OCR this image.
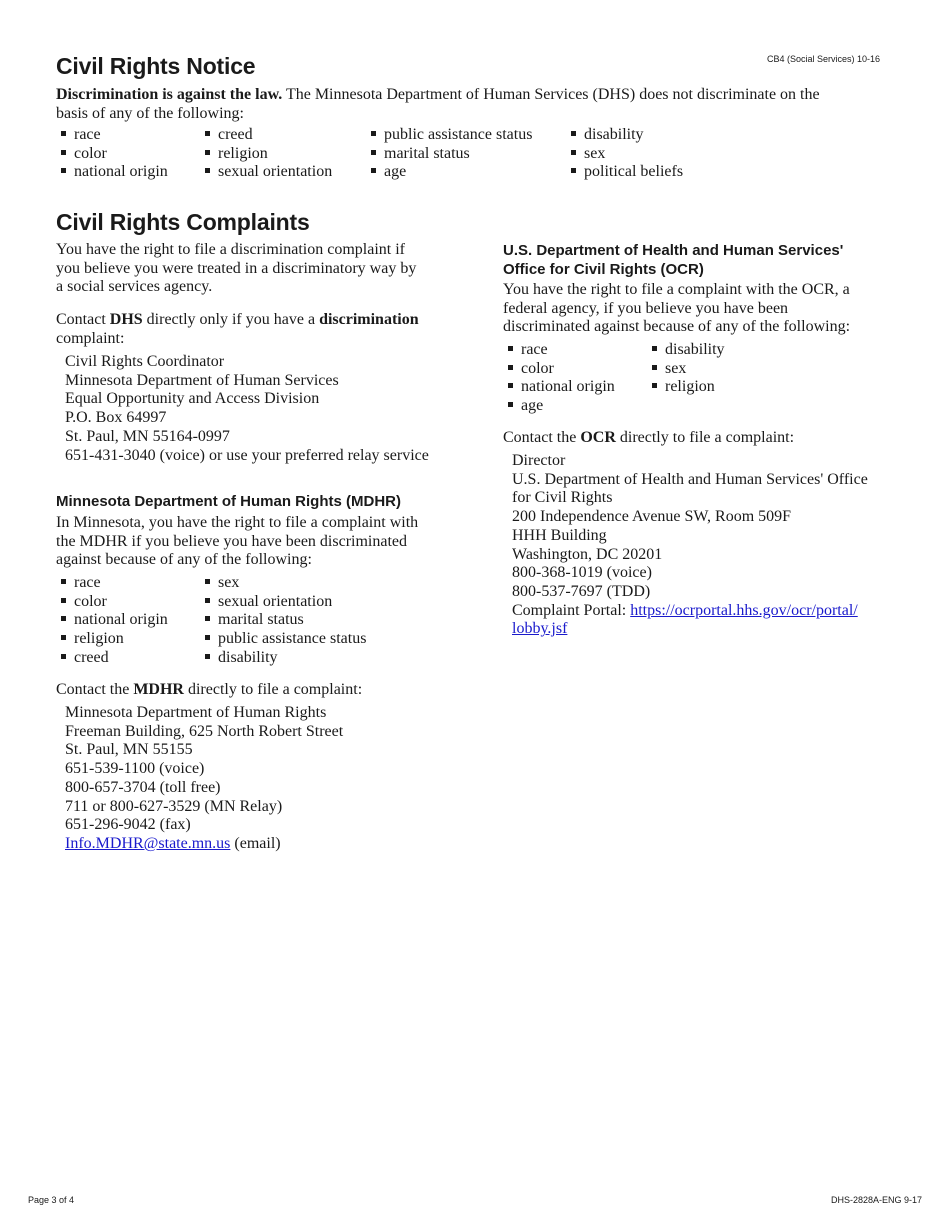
CB4 (Social Services) 10-16
Civil Rights Notice
Discrimination is against the law. The Minnesota Department of Human Services (DHS) does not discriminate on the
basis of any of the following:
race
color
national origin
creed
religion
sexual orientation
public assistance status
marital status
age
disability
sex
political beliefs
Civil Rights Complaints
You have the right to file a discrimination complaint if
you believe you were treated in a discriminatory way by
a social services agency.
Contact DHS directly only if you have a discrimination
complaint:
Civil Rights Coordinator
Minnesota Department of Human Services
Equal Opportunity and Access Division
P.O. Box 64997
St. Paul, MN 55164-0997
651-431-3040 (voice) or use your preferred relay service
Minnesota Department of Human Rights (MDHR)
In Minnesota, you have the right to file a complaint with
the MDHR if you believe you have been discriminated
against because of any of the following:
race
color
national origin
religion
creed
sex
sexual orientation
marital status
public assistance status
disability
Contact the MDHR directly to file a complaint:
Minnesota Department of Human Rights
Freeman Building, 625 North Robert Street
St. Paul, MN 55155
651-539-1100 (voice)
800-657-3704 (toll free)
711 or 800-627-3529 (MN Relay)
651-296-9042 (fax)
Info.MDHR@state.mn.us (email)
U.S. Department of Health and Human Services'
Office for Civil Rights (OCR)
You have the right to file a complaint with the OCR, a
federal agency, if you believe you have been
discriminated against because of any of the following:
race
color
national origin
age
disability
sex
religion
Contact the OCR directly to file a complaint:
Director
U.S. Department of Health and Human Services' Office
for Civil Rights
200 Independence Avenue SW, Room 509F
HHH Building
Washington, DC 20201
800-368-1019 (voice)
800-537-7697 (TDD)
Complaint Portal: https://ocrportal.hhs.gov/ocr/portal/
lobby.jsf
Page 3 of 4	DHS-2828A-ENG 9-17
